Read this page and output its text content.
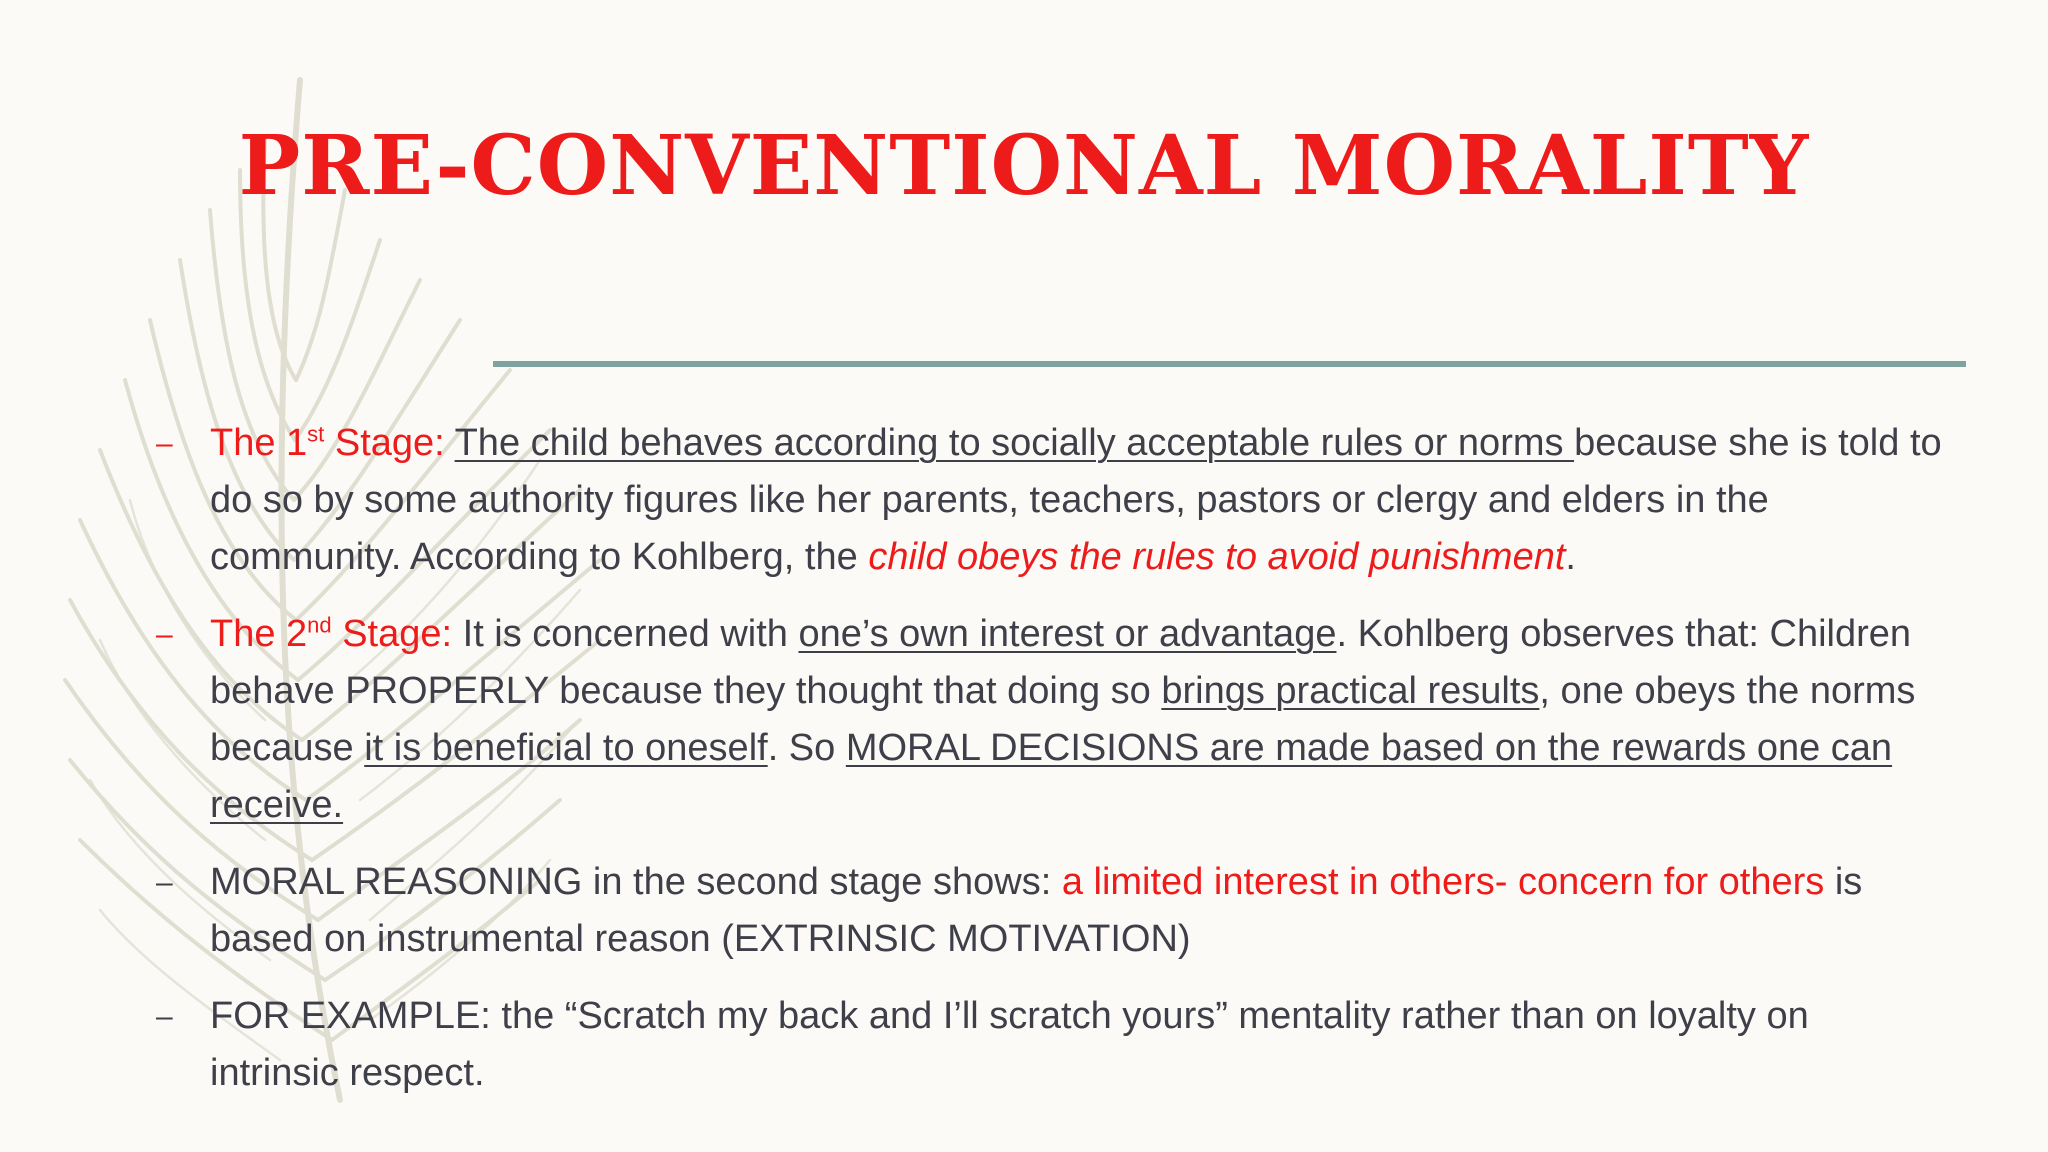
PRE-CONVENTIONAL MORALITY
– The 1st Stage: The child behaves according to socially acceptable rules or norms because she is told to do so by some authority figures like her parents, teachers, pastors or clergy and elders in the community. According to Kohlberg, the child obeys the rules to avoid punishment.
– The 2nd Stage: It is concerned with one’s own interest or advantage. Kohlberg observes that: Children behave PROPERLY because they thought that doing so brings practical results, one obeys the norms because it is beneficial to oneself. So MORAL DECISIONS are made based on the rewards one can receive.
– MORAL REASONING in the second stage shows: a limited interest in others- concern for others is based on instrumental reason (EXTRINSIC MOTIVATION)
– FOR EXAMPLE: the “Scratch my back and I’ll scratch yours” mentality rather than on loyalty on intrinsic respect.
